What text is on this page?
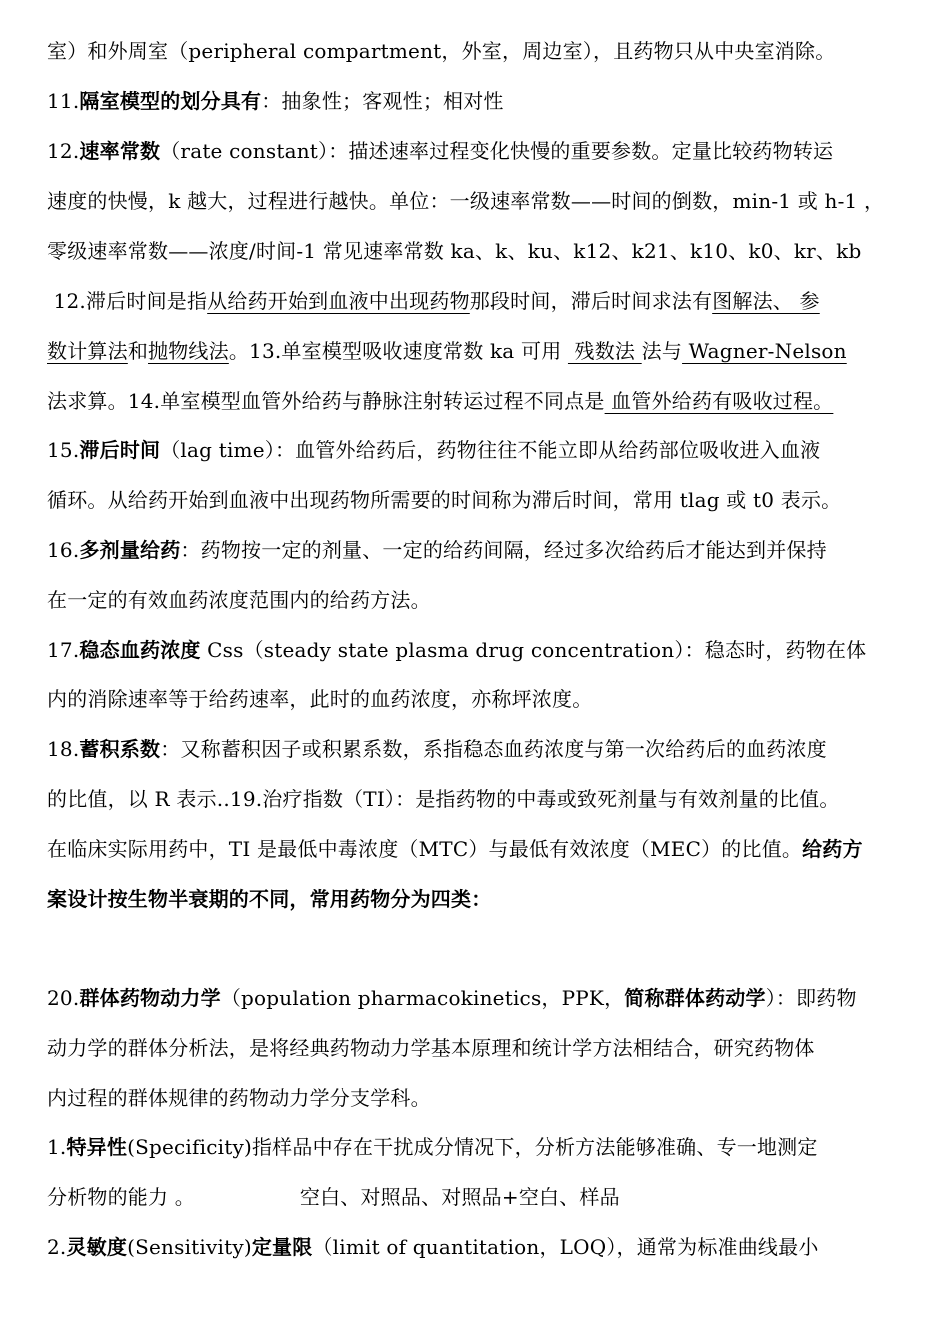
室）和外周室（peripheral compartment，外室，周边室），且药物只从中央室消除。
11.隔室模型的划分具有：抽象性；客观性；相对性
12.速率常数（rate constant）：描述速率过程变化快慢的重要参数。定量比较药物转运
速度的快慢，k 越大，过程进行越快。单位：一级速率常数——时间的倒数，min-1 或 h-1 ，
零级速率常数——浓度/时间-1 常见速率常数 ka、k、ku、k12、k21、k10、k0、kr、kb
12.滞后时间是指从给药开始到血液中出现药物那段时间，滞后时间求法有图解法、 参
数计算法和抛物线法。13.单室模型吸收速度常数 ka 可用  残数法 法与 Wagner-Nelson
法求算。14.单室模型血管外给药与静脉注射转运过程不同点是 血管外给药有吸收过程。
15.滞后时间（lag time）：血管外给药后，药物往往不能立即从给药部位吸收进入血液
循环。从给药开始到血液中出现药物所需要的时间称为滞后时间，常用 tlag 或 t0 表示。
16.多剂量给药：药物按一定的剂量、一定的给药间隔，经过多次给药后才能达到并保持
在一定的有效血药浓度范围内的给药方法。
17.稳态血药浓度 Css（steady state plasma drug concentration）：稳态时，药物在体
内的消除速率等于给药速率，此时的血药浓度，亦称坪浓度。
18.蓄积系数：又称蓄积因子或积累系数，系指稳态血药浓度与第一次给药后的血药浓度
的比值，以 R 表示..19.治疗指数（TI）：是指药物的中毒或致死剂量与有效剂量的比值。
在临床实际用药中，TI 是最低中毒浓度（MTC）与最低有效浓度（MEC）的比值。给药方
案设计按生物半衰期的不同，常用药物分为四类：
20.群体药物动力学（population pharmacokinetics，PPK，简称群体药动学）：即药物
动力学的群体分析法，是将经典药物动力学基本原理和统计学方法相结合，研究药物体
内过程的群体规律的药物动力学分支学科。
1.特异性(Specificity)指样品中存在干扰成分情况下，分析方法能够准确、专一地测定
分析物的能力 。                空白、对照品、对照品+空白、样品
2.灵敏度(Sensitivity)定量限（limit of quantitation，LOQ），通常为标准曲线最小
